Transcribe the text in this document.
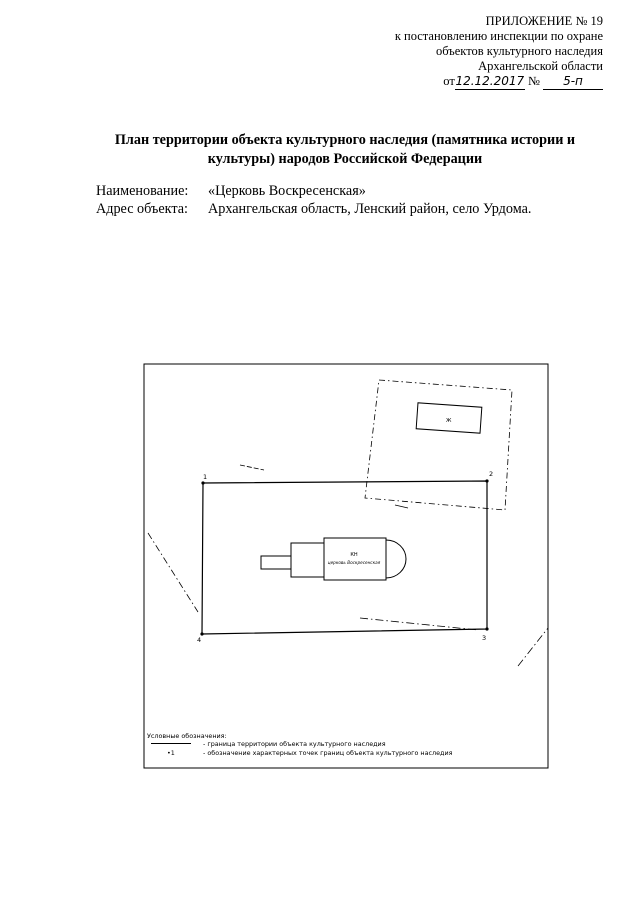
ПРИЛОЖЕНИЕ № 19
к постановлению инспекции по охране
объектов культурного наследия
Архангельской области
от12.12.2017 № 5-п
План территории объекта культурного наследия (памятника истории и
культуры) народов Российской Федерации
Наименование: «Церковь Воскресенская»
Адрес объекта: Архангельская область, Ленский район, село Урдома.
Ж
1	2
3
4
КН
церковь Воскресенская
Условные обозначения:
- граница территории объекта культурного наследия
•1	- обозначение характерных точек границ объекта культурного наследия
